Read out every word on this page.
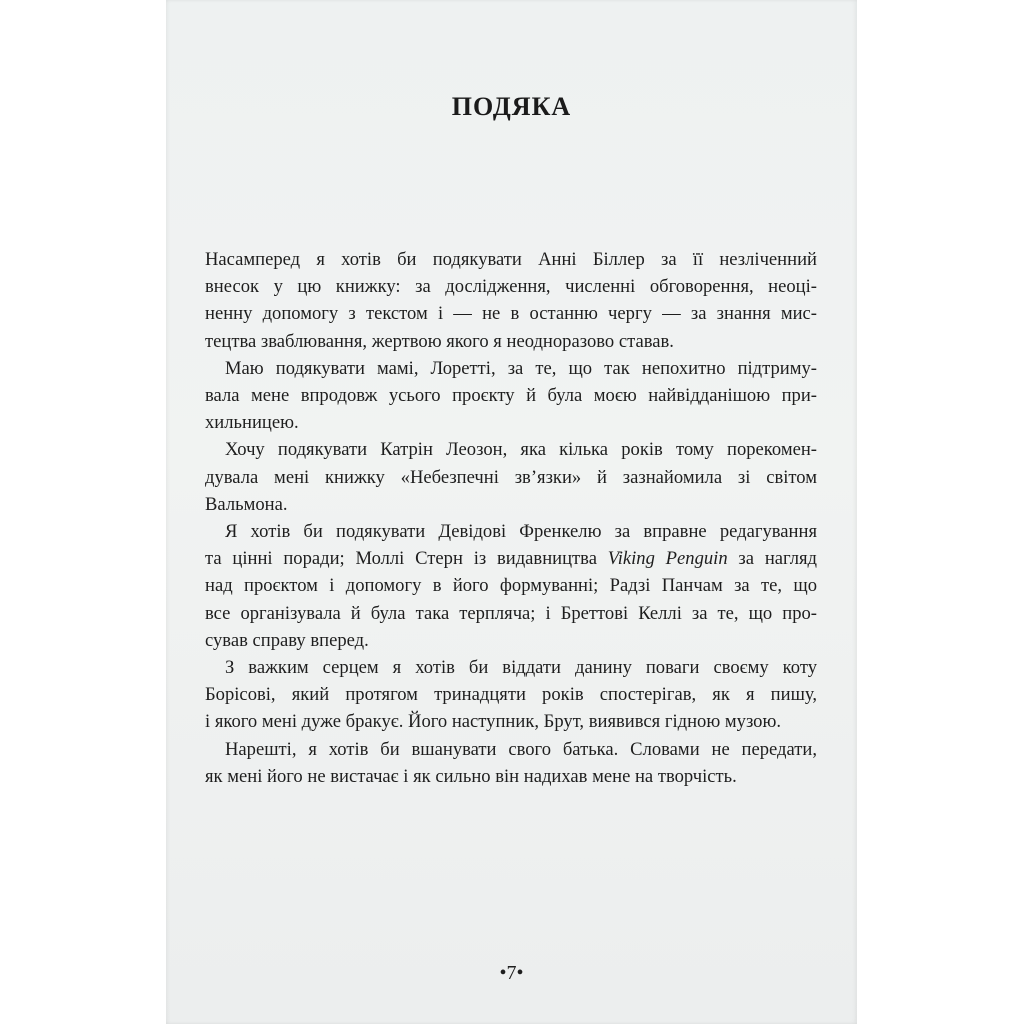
ПОДЯКА

Насамперед я хотів би подякувати Анні Біллер за її незліченний
внесок у цю книжку: за дослідження, численні обговорення, неоці-
ненну допомогу з текстом і — не в останню чергу — за знання мис-
тецтва зваблювання, жертвою якого я неодноразово ставав.

Маю подякувати мамі, Лоретті, за те, що так непохитно підтриму-
вала мене впродовж усього проєкту й була моєю найвідданішою при-
хильницею.

Хочу подякувати Катрін Леозон, яка кілька років тому порекомен-
дувала мені книжку «Небезпечні зв’язки» й зазнайомила зі світом
Вальмона.

Я хотів би подякувати Девідові Френкелю за вправне редагування
та цінні поради; Моллі Стерн із видавництва Viking Penguin за нагляд
над проєктом і допомогу в його формуванні; Радзі Панчам за те, що
все організувала й була така терпляча; і Бреттові Келлі за те, що про-
сував справу вперед.

З важким серцем я хотів би віддати данину поваги своєму коту
Борісові, який протягом тринадцяти років спостерігав, як я пишу,
і якого мені дуже бракує. Його наступник, Брут, виявився гідною музою.

Нарешті, я хотів би вшанувати свого батька. Словами не передати,
як мені його не вистачає і як сильно він надихав мене на творчість.

•7•
